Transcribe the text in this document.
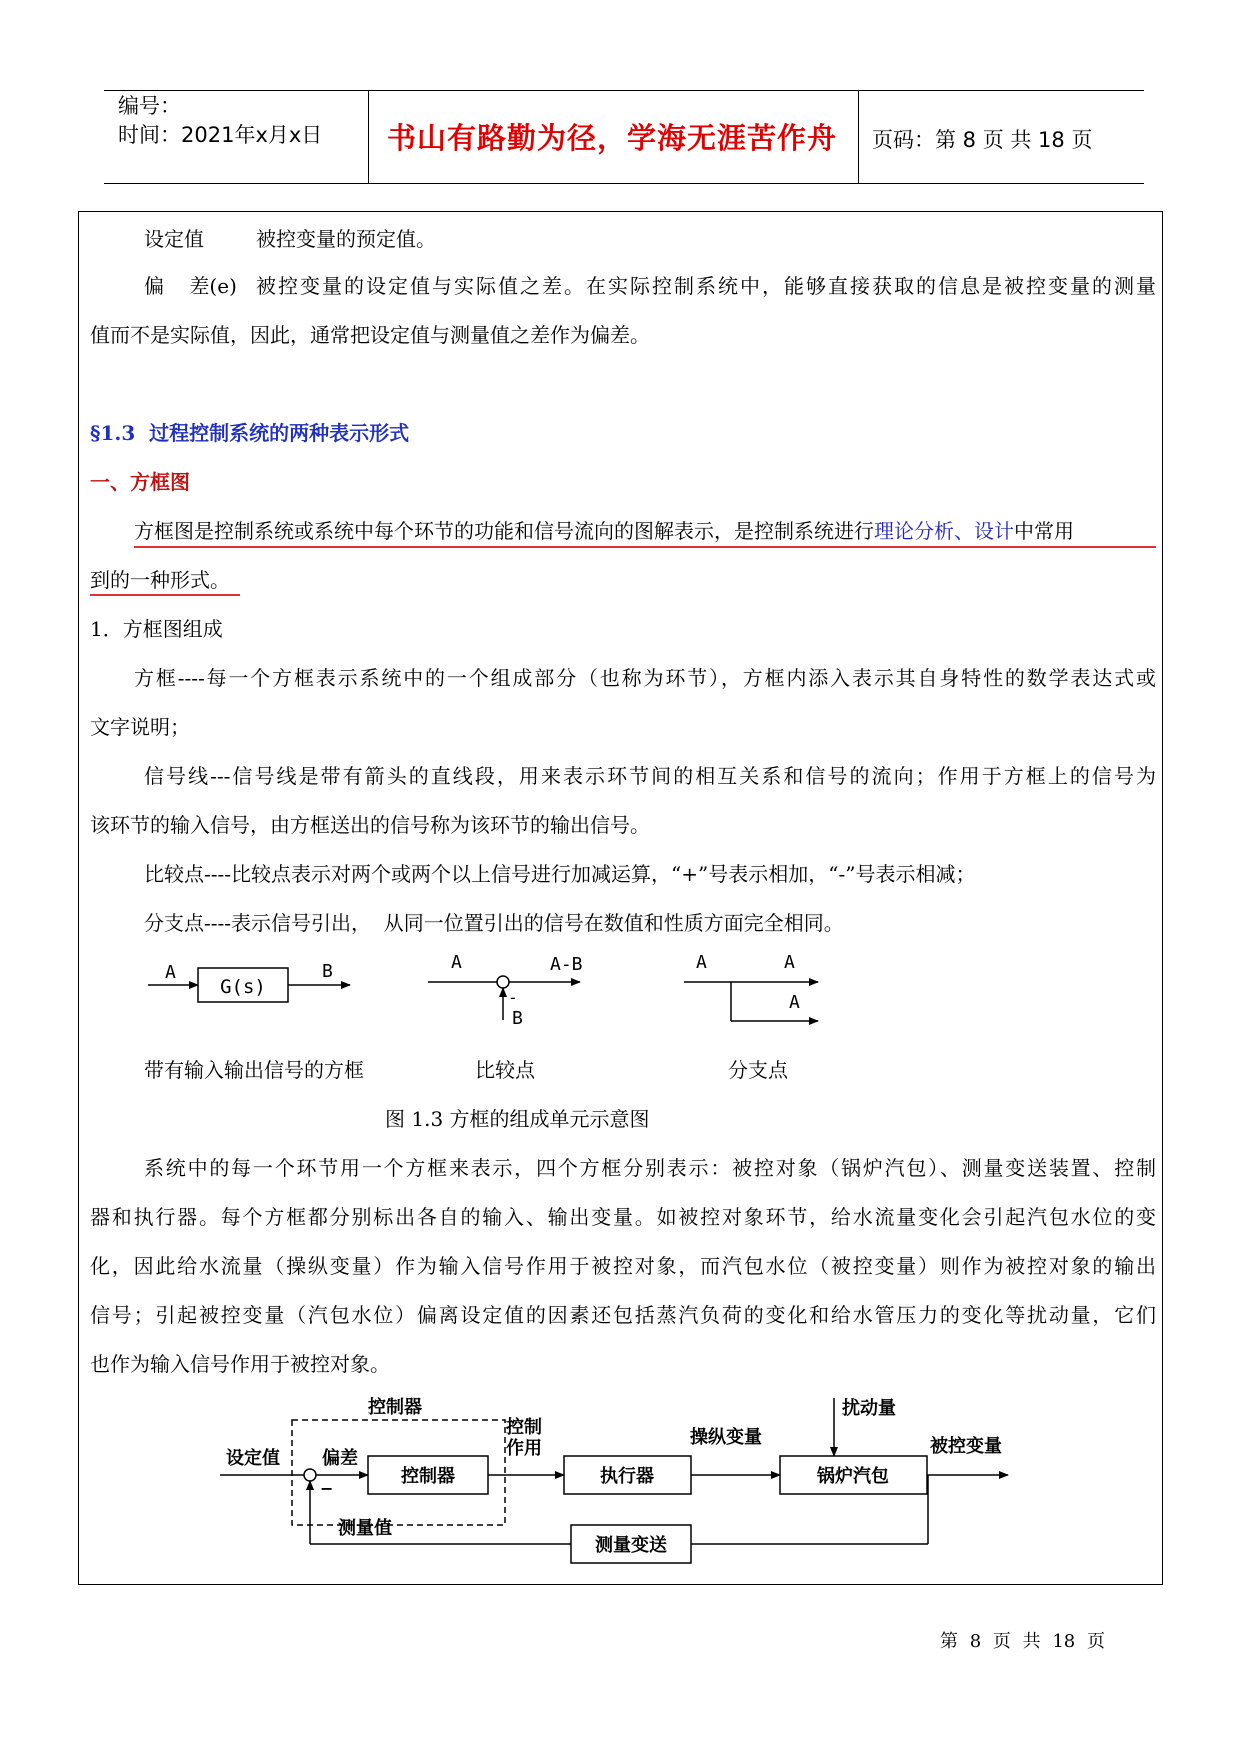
编号：
时间：2021年x月x日	书山有路勤为径，学海无涯苦作舟	页码：第 8 页 共 18 页
设定值	被控变量的预定值。
偏    差(e) 被控变量的设定值与实际值之差。在实际控制系统中，能够直接获取的信息是被控变量的测量
值而不是实际值，因此，通常把设定值与测量值之差作为偏差。
§1.3  过程控制系统的两种表示形式
一、方框图
方框图是控制系统或系统中每个环节的功能和信号流向的图解表示，是控制系统进行理论分析、设计中常用
到的一种形式。
1．方框图组成
方框----每一个方框表示系统中的一个组成部分（也称为环节），方框内添入表示其自身特性的数学表达式或
文字说明；
信号线---信号线是带有箭头的直线段，用来表示环节间的相互关系和信号的流向；作用于方框上的信号为
该环节的输入信号，由方框送出的信号称为该环节的输出信号。
比较点----比较点表示对两个或两个以上信号进行加减运算，“+”号表示相加，“-”号表示相减；
分支点----表示信号引出，  从同一位置引出的信号在数值和性质方面完全相同。
A
G(s)
B	A	A-B
-
B
A	A
A
带有输入输出信号的方框	比较点	分支点
图 1.3 方框的组成单元示意图
系统中的每一个环节用一个方框来表示，四个方框分别表示：被控对象（锅炉汽包）、测量变送装置、控制
器和执行器。每个方框都分别标出各自的输入、输出变量。如被控对象环节，给水流量变化会引起汽包水位的变
化，因此给水流量（操纵变量）作为输入信号作用于被控对象，而汽包水位（被控变量）则作为被控对象的输出
信号；引起被控变量（汽包水位）偏离设定值的因素还包括蒸汽负荷的变化和给水管压力的变化等扰动量，它们
也作为输入信号作用于被控对象。
控制器
设定值 偏差
−
控制器
控制
作用
执行器
操纵变量
扰动量
锅炉汽包
被控变量
测量变送
测量值
第 8 页 共 18 页
